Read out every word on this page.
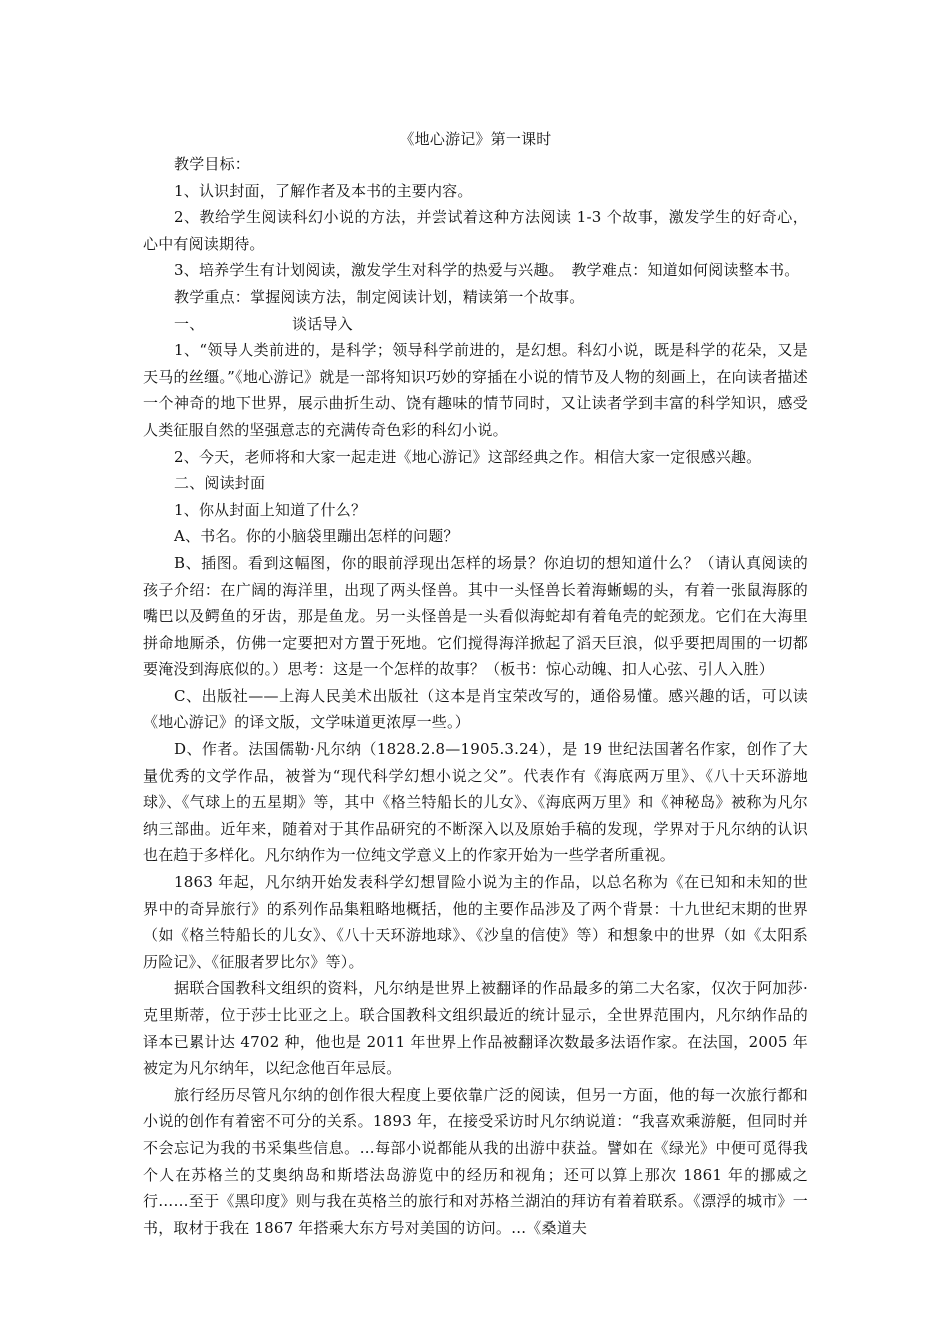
《地心游记》第一课时

教学目标：

1、认识封面，了解作者及本书的主要内容。

2、教给学生阅读科幻小说的方法，并尝试着这种方法阅读 1-3 个故事，激发学生的好奇心，心中有阅读期待。

3、培养学生有计划阅读，激发学生对科学的热爱与兴趣。　教学难点：知道如何阅读整本书。

教学重点：掌握阅读方法，制定阅读计划，精读第一个故事。

一、	谈话导入

1、“领导人类前进的，是科学；领导科学前进的，是幻想。科幻小说，既是科学的花朵，又是天马的丝缰。”《地心游记》就是一部将知识巧妙的穿插在小说的情节及人物的刻画上，在向读者描述一个神奇的地下世界，展示曲折生动、饶有趣味的情节同时，又让读者学到丰富的科学知识，感受人类征服自然的坚强意志的充满传奇色彩的科幻小说。

2、今天，老师将和大家一起走进《地心游记》这部经典之作。相信大家一定很感兴趣。

二、阅读封面

1、你从封面上知道了什么？

A、书名。你的小脑袋里蹦出怎样的问题？

B、插图。看到这幅图，你的眼前浮现出怎样的场景？你迫切的想知道什么？（请认真阅读的孩子介绍：在广阔的海洋里，出现了两头怪兽。其中一头怪兽长着海蜥蜴的头，有着一张鼠海豚的嘴巴以及鳄鱼的牙齿，那是鱼龙。另一头怪兽是一头看似海蛇却有着龟壳的蛇颈龙。它们在大海里拼命地厮杀，仿佛一定要把对方置于死地。它们搅得海洋掀起了滔天巨浪，似乎要把周围的一切都要淹没到海底似的。）思考：这是一个怎样的故事？（板书：惊心动魄、扣人心弦、引人入胜）

C、出版社——上海人民美术出版社（这本是肖宝荣改写的，通俗易懂。感兴趣的话，可以读《地心游记》的译文版，文学味道更浓厚一些。）

D、作者。法国儒勒·凡尔纳（1828.2.8—1905.3.24），是 19 世纪法国著名作家，创作了大量优秀的文学作品，被誉为“现代科学幻想小说之父”。代表作有《海底两万里》、《八十天环游地球》、《气球上的五星期》等，其中《格兰特船长的儿女》、《海底两万里》和《神秘岛》被称为凡尔纳三部曲。近年来，随着对于其作品研究的不断深入以及原始手稿的发现，学界对于凡尔纳的认识也在趋于多样化。凡尔纳作为一位纯文学意义上的作家开始为一些学者所重视。

1863 年起，凡尔纳开始发表科学幻想冒险小说为主的作品，以总名称为《在已知和未知的世界中的奇异旅行》的系列作品集粗略地概括，他的主要作品涉及了两个背景：十九世纪末期的世界（如《格兰特船长的儿女》、《八十天环游地球》、《沙皇的信使》等）和想象中的世界（如《太阳系历险记》、《征服者罗比尔》等）。

据联合国教科文组织的资料，凡尔纳是世界上被翻译的作品最多的第二大名家，仅次于阿加莎·克里斯蒂，位于莎士比亚之上。联合国教科文组织最近的统计显示，全世界范围内，凡尔纳作品的译本已累计达 4702 种，他也是 2011 年世界上作品被翻译次数最多法语作家。在法国，2005 年被定为凡尔纳年，以纪念他百年忌辰。

旅行经历尽管凡尔纳的创作很大程度上要依靠广泛的阅读，但另一方面，他的每一次旅行都和小说的创作有着密不可分的关系。1893 年，在接受采访时凡尔纳说道：“我喜欢乘游艇，但同时并不会忘记为我的书采集些信息。…每部小说都能从我的出游中获益。譬如在《绿光》中便可觅得我个人在苏格兰的艾奥纳岛和斯塔法岛游览中的经历和视角；还可以算上那次 1861 年的挪威之行……至于《黑印度》则与我在英格兰的旅行和对苏格兰湖泊的拜访有着着联系。《漂浮的城市》一书，取材于我在 1867 年搭乘大东方号对美国的访问。…《桑道夫
